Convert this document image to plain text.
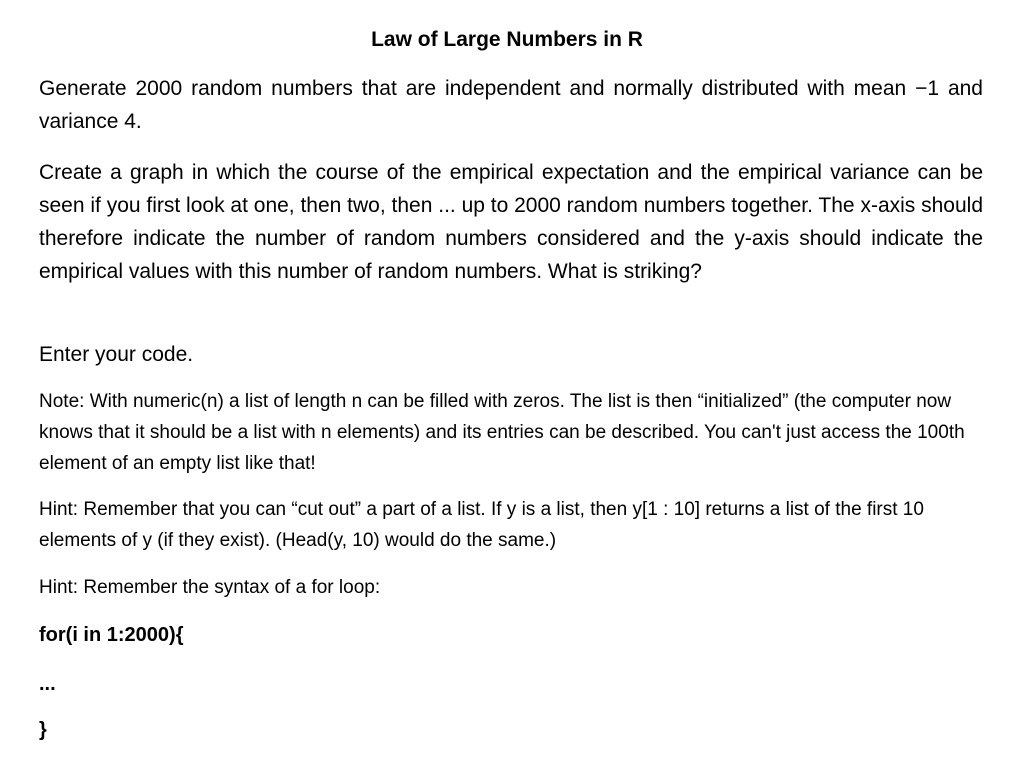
Law of Large Numbers in R

Generate 2000 random numbers that are independent and normally distributed with mean −1 and variance 4.

Create a graph in which the course of the empirical expectation and the empirical variance can be seen if you first look at one, then two, then ... up to 2000 random numbers together. The x-axis should therefore indicate the number of random numbers considered and the y-axis should indicate the empirical values with this number of random numbers. What is striking?

Enter your code.

Note: With numeric(n) a list of length n can be filled with zeros. The list is then “initialized” (the computer now knows that it should be a list with n elements) and its entries can be described. You can't just access the 100th element of an empty list like that!

Hint: Remember that you can “cut out” a part of a list. If y is a list, then y[1 : 10] returns a list of the first 10 elements of y (if they exist). (Head(y, 10) would do the same.)

Hint: Remember the syntax of a for loop:

for(i in 1:2000){
...
}
